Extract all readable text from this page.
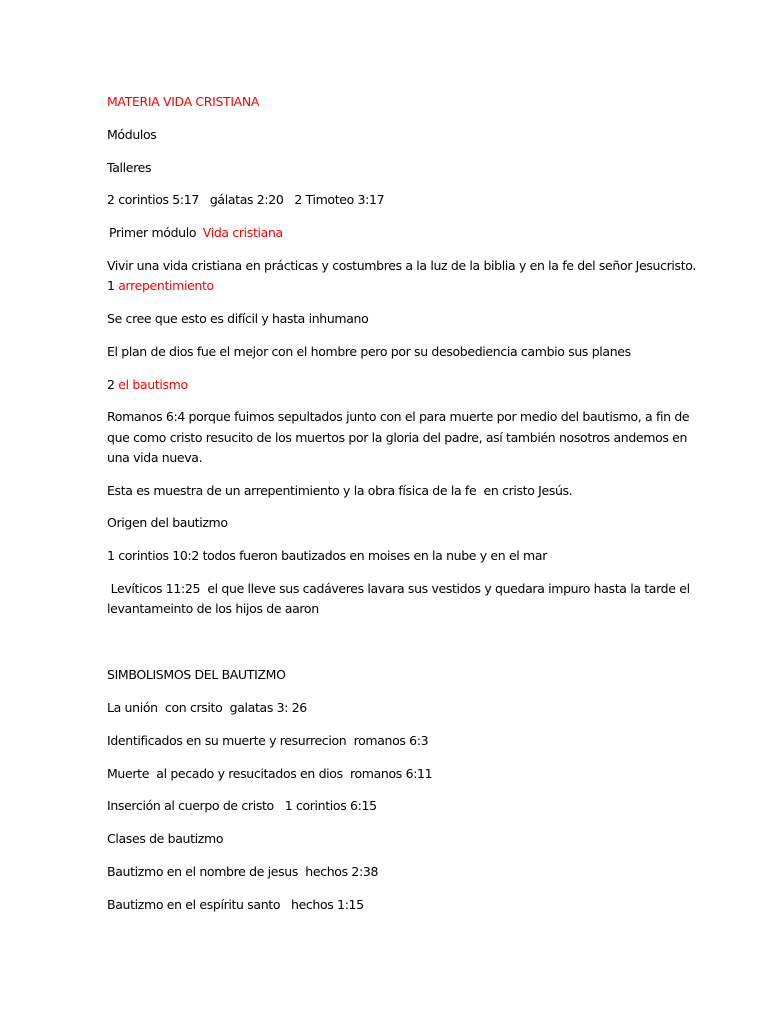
MATERIA VIDA CRISTIANA
Módulos
Talleres
2 corintios 5:17   gálatas 2:20   2 Timoteo 3:17
Primer módulo Vida cristiana
Vivir una vida cristiana en prácticas y costumbres a la luz de la biblia y en la fe del señor Jesucristo.
1 arrepentimiento
Se cree que esto es difícil y hasta inhumano
El plan de dios fue el mejor con el hombre pero por su desobediencia cambio sus planes
2 el bautismo
Romanos 6:4 porque fuimos sepultados junto con el para muerte por medio del bautismo, a fin de
que como cristo resucito de los muertos por la gloria del padre, así también nosotros andemos en
una vida nueva.
Esta es muestra de un arrepentimiento y la obra física de la fe  en cristo Jesús.
Origen del bautizmo
1 corintios 10:2 todos fueron bautizados en moises en la nube y en el mar
Levíticos 11:25  el que lleve sus cadáveres lavara sus vestidos y quedara impuro hasta la tarde el
levantameinto de los hijos de aaron
SIMBOLISMOS DEL BAUTIZMO
La unión  con crsito  galatas 3: 26
Identificados en su muerte y resurrecion  romanos 6:3
Muerte  al pecado y resucitados en dios  romanos 6:11
Inserción al cuerpo de cristo   1 corintios 6:15
Clases de bautizmo
Bautizmo en el nombre de jesus  hechos 2:38
Bautizmo en el espíritu santo   hechos 1:15
